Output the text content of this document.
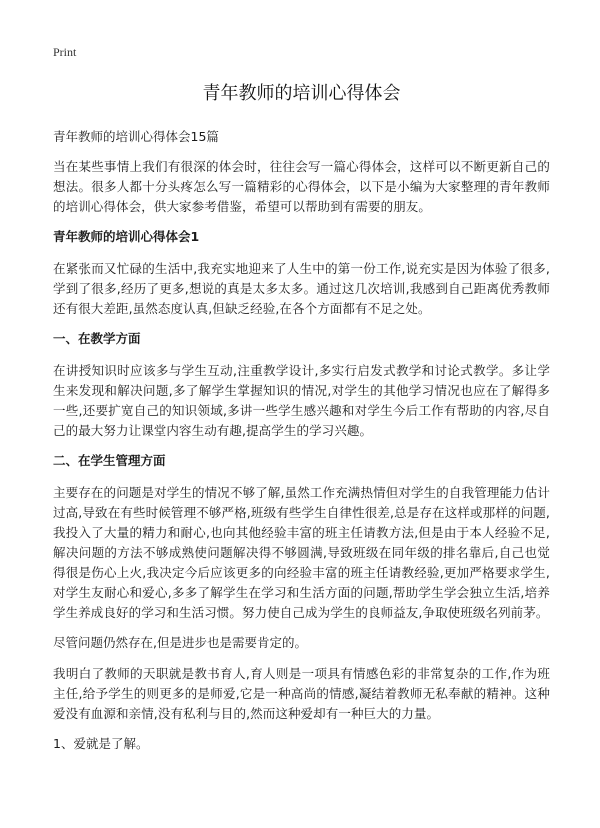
Print
青年教师的培训心得体会
青年教师的培训心得体会15篇

当在某些事情上我们有很深的体会时，往往会写一篇心得体会，这样可以不断更新自己的想法。很多人都十分头疼怎么写一篇精彩的心得体会，以下是小编为大家整理的青年教师的培训心得体会，供大家参考借鉴，希望可以帮助到有需要的朋友。

青年教师的培训心得体会1

在紧张而又忙碌的生活中,我充实地迎来了人生中的第一份工作,说充实是因为体验了很多,学到了很多,经历了更多,想说的真是太多太多。通过这几次培训,我感到自己距离优秀教师还有很大差距,虽然态度认真,但缺乏经验,在各个方面都有不足之处。

一、在教学方面

在讲授知识时应该多与学生互动,注重教学设计,多实行启发式教学和讨论式教学。多让学生来发现和解决问题,多了解学生掌握知识的情况,对学生的其他学习情况也应在了解得多一些,还要扩宽自己的知识领域,多讲一些学生感兴趣和对学生今后工作有帮助的内容,尽自己的最大努力让课堂内容生动有趣,提高学生的学习兴趣。

二、在学生管理方面

主要存在的问题是对学生的情况不够了解,虽然工作充满热情但对学生的自我管理能力估计过高,导致在有些时候管理不够严格,班级有些学生自律性很差,总是存在这样或那样的问题,我投入了大量的精力和耐心,也向其他经验丰富的班主任请教方法,但是由于本人经验不足,解决问题的方法不够成熟使问题解决得不够圆满,导致班级在同年级的排名靠后,自己也觉得很是伤心上火,我决定今后应该更多的向经验丰富的班主任请教经验,更加严格要求学生,对学生友耐心和爱心,多多了解学生在学习和生活方面的问题,帮助学生学会独立生活,培养学生养成良好的学习和生活习惯。努力使自己成为学生的良师益友,争取使班级名列前茅。

尽管问题仍然存在,但是进步也是需要肯定的。

我明白了教师的天职就是教书育人,育人则是一项具有情感色彩的非常复杂的工作,作为班主任,给予学生的则更多的是师爱,它是一种高尚的情感,凝结着教师无私奉献的精神。这种爱没有血源和亲情,没有私利与目的,然而这种爱却有一种巨大的力量。

1、爱就是了解。
